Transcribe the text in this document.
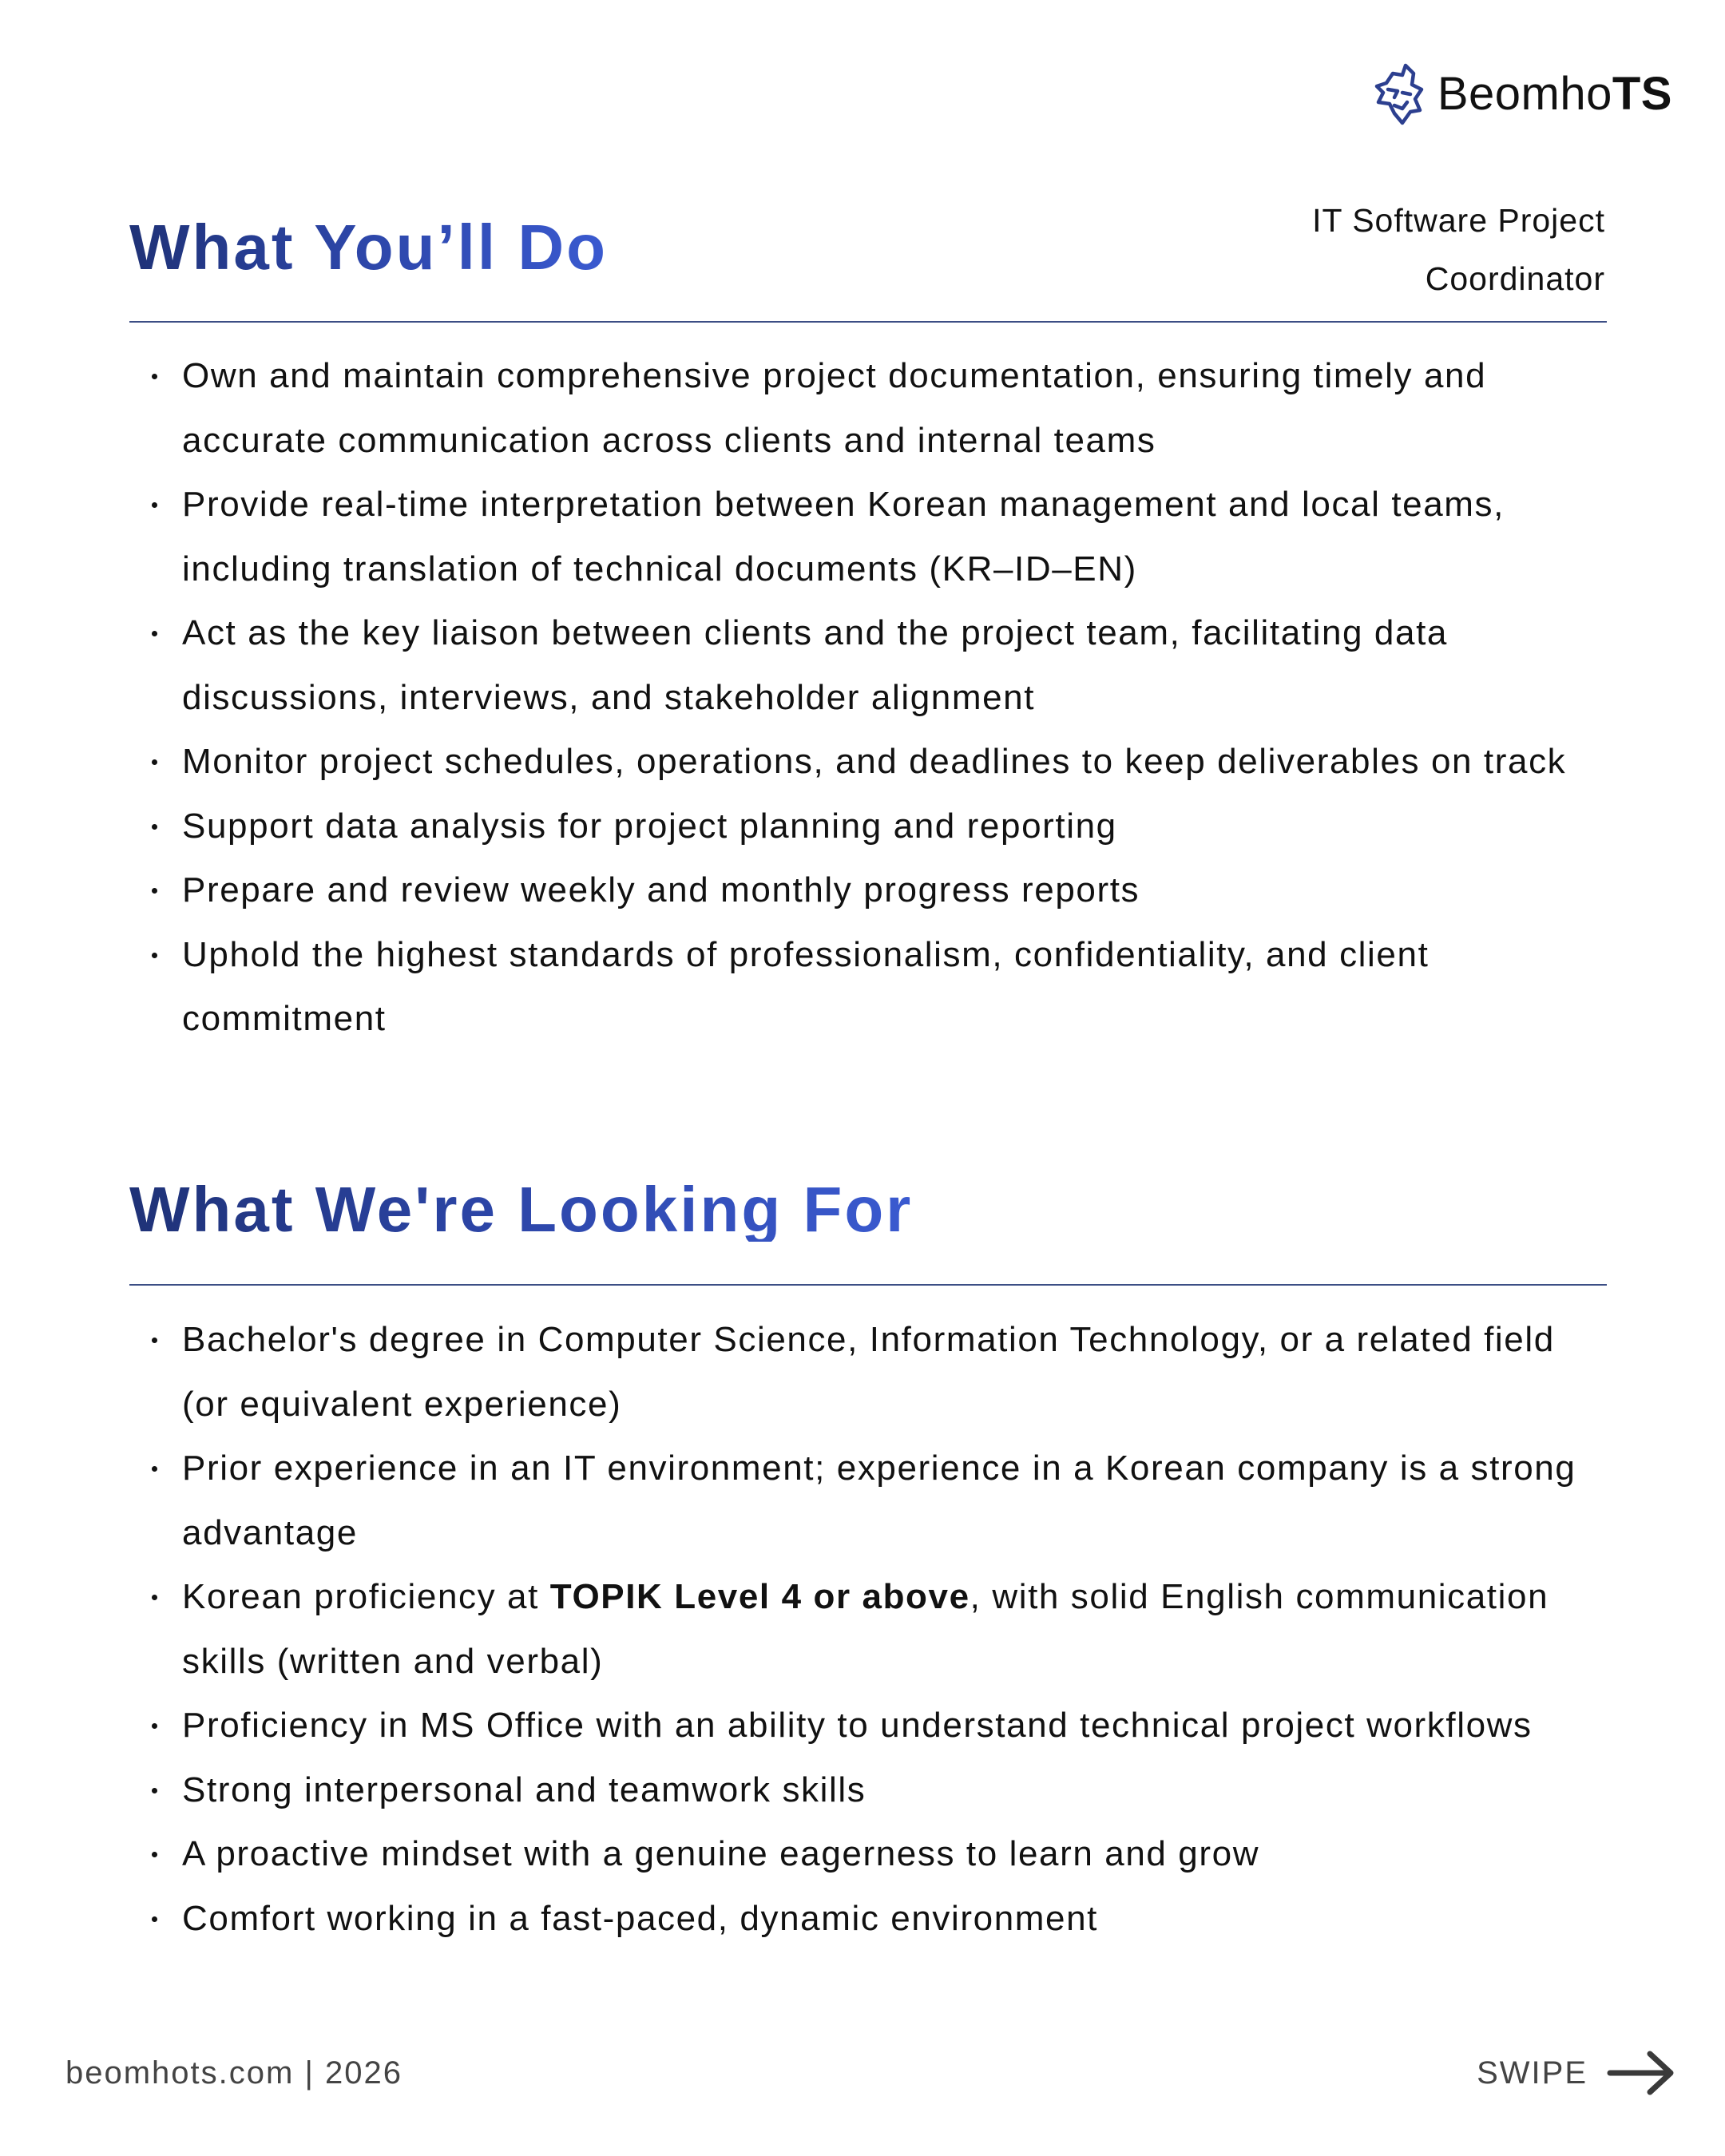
BeomhoTS
IT Software Project
Coordinator
What You’ll Do
Own and maintain comprehensive project documentation, ensuring timely and accurate communication across clients and internal teams
Provide real-time interpretation between Korean management and local teams, including translation of technical documents (KR–ID–EN)
Act as the key liaison between clients and the project team, facilitating data discussions, interviews, and stakeholder alignment
Monitor project schedules, operations, and deadlines to keep deliverables on track
Support data analysis for project planning and reporting
Prepare and review weekly and monthly progress reports
Uphold the highest standards of professionalism, confidentiality, and client commitment
What We're Looking For
Bachelor's degree in Computer Science, Information Technology, or a related field (or equivalent experience)
Prior experience in an IT environment; experience in a Korean company is a strong advantage
Korean proficiency at TOPIK Level 4 or above, with solid English communication skills (written and verbal)
Proficiency in MS Office with an ability to understand technical project workflows
Strong interpersonal and teamwork skills
A proactive mindset with a genuine eagerness to learn and grow
Comfort working in a fast-paced, dynamic environment
beomhots.com | 2026	SWIPE
